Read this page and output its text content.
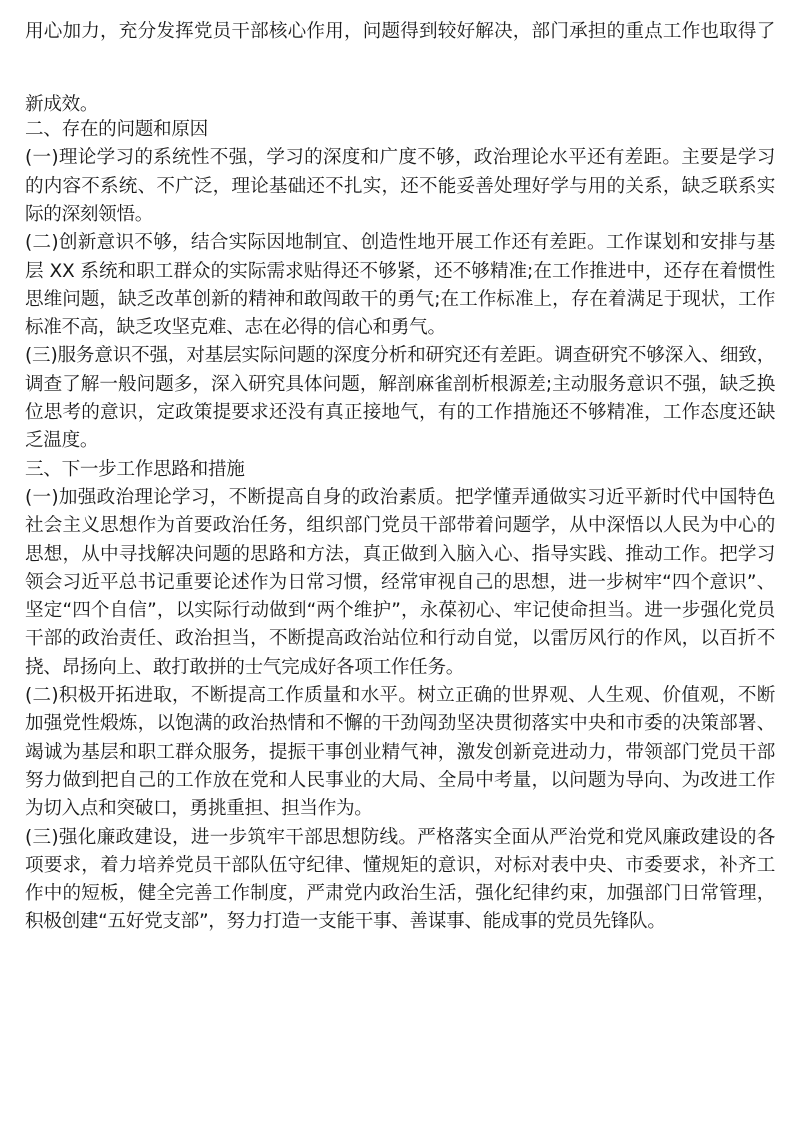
用心加力，充分发挥党员干部核心作用，问题得到较好解决，部门承担的重点工作也取得了
新成效。
二、存在的问题和原因
(一)理论学习的系统性不强，学习的深度和广度不够，政治理论水平还有差距。主要是学习
的内容不系统、不广泛，理论基础还不扎实，还不能妥善处理好学与用的关系，缺乏联系实
际的深刻领悟。
(二)创新意识不够，结合实际因地制宜、创造性地开展工作还有差距。工作谋划和安排与基
层 XX 系统和职工群众的实际需求贴得还不够紧，还不够精准;在工作推进中，还存在着惯性
思维问题，缺乏改革创新的精神和敢闯敢干的勇气;在工作标准上，存在着满足于现状，工作
标准不高，缺乏攻坚克难、志在必得的信心和勇气。
(三)服务意识不强，对基层实际问题的深度分析和研究还有差距。调查研究不够深入、细致，
调查了解一般问题多，深入研究具体问题，解剖麻雀剖析根源差;主动服务意识不强，缺乏换
位思考的意识，定政策提要求还没有真正接地气，有的工作措施还不够精准，工作态度还缺
乏温度。
三、下一步工作思路和措施
(一)加强政治理论学习，不断提高自身的政治素质。把学懂弄通做实习近平新时代中国特色
社会主义思想作为首要政治任务，组织部门党员干部带着问题学，从中深悟以人民为中心的
思想，从中寻找解决问题的思路和方法，真正做到入脑入心、指导实践、推动工作。把学习
领会习近平总书记重要论述作为日常习惯，经常审视自己的思想，进一步树牢“四个意识”、
坚定“四个自信”，以实际行动做到“两个维护”，永葆初心、牢记使命担当。进一步强化党员
干部的政治责任、政治担当，不断提高政治站位和行动自觉，以雷厉风行的作风，以百折不
挠、昂扬向上、敢打敢拼的士气完成好各项工作任务。
(二)积极开拓进取，不断提高工作质量和水平。树立正确的世界观、人生观、价值观，不断
加强党性煅炼，以饱满的政治热情和不懈的干劲闯劲坚决贯彻落实中央和市委的决策部署、
竭诚为基层和职工群众服务，提振干事创业精气神，激发创新竞进动力，带领部门党员干部
努力做到把自己的工作放在党和人民事业的大局、全局中考量，以问题为导向、为改进工作
为切入点和突破口，勇挑重担、担当作为。
(三)强化廉政建设，进一步筑牢干部思想防线。严格落实全面从严治党和党风廉政建设的各
项要求，着力培养党员干部队伍守纪律、懂规矩的意识，对标对表中央、市委要求，补齐工
作中的短板，健全完善工作制度，严肃党内政治生活，强化纪律约束，加强部门日常管理，
积极创建“五好党支部”，努力打造一支能干事、善谋事、能成事的党员先锋队。
